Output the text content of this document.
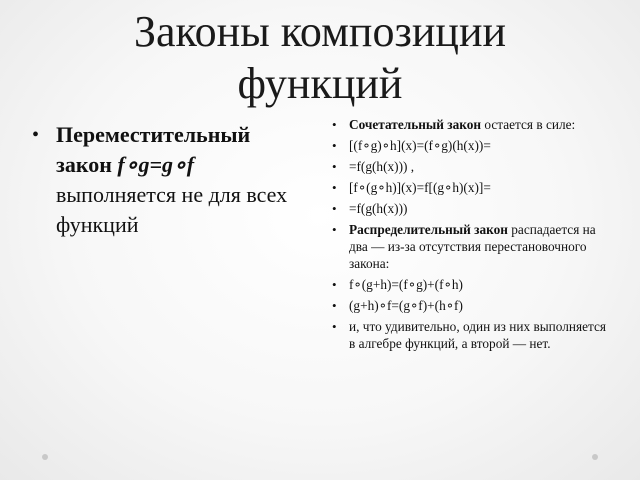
Законы композиции
функций
• Переместительный закон f∘g=g∘f выполняется не для всех функций
• Сочетательный закон остается в силе:
• [(f∘g)∘h](x)=(f∘g)(h(x))=
• =f(g(h(x))) ,
• [f∘(g∘h)](x)=f[(g∘h)(x)]=
• =f(g(h(x)))
• Распределительный закон распадается на два — из-за отсутствия перестановочного закона:
• f∘(g+h)=(f∘g)+(f∘h)
• (g+h)∘f=(g∘f)+(h∘f)
• и, что удивительно, один из них выполняется в алгебре функций, а второй — нет.
